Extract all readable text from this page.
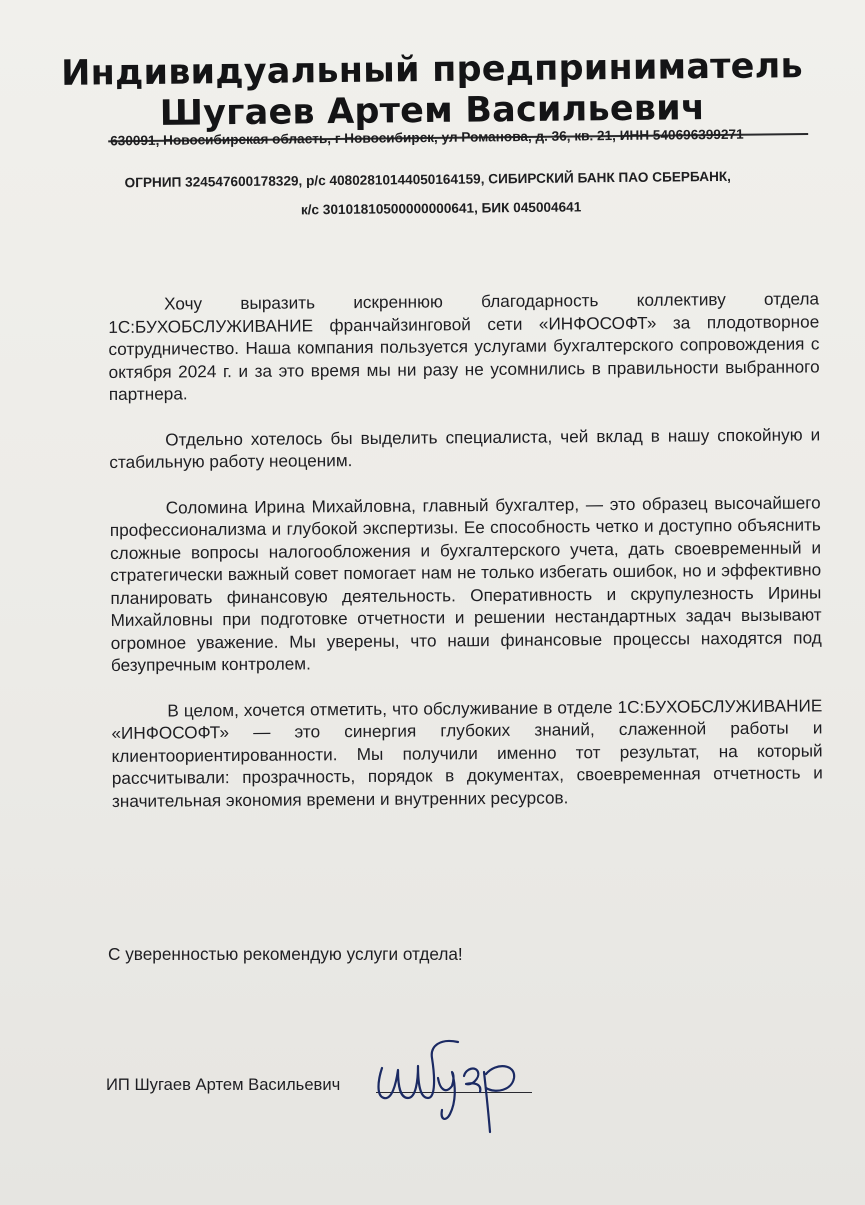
Индивидуальный предприниматель
Шугаев Артем Васильевич
630091, Новосибирская область, г Новосибирск, ул Романова, д. 36, кв. 21, ИНН 540696399271
ОГРНИП 324547600178329, р/с 40802810144050164159, СИБИРСКИЙ БАНК ПАО СБЕРБАНК,
к/с 30101810500000000641, БИК 045004641

Хочу выразить искреннюю благодарность коллективу отдела 1С:БУХОБСЛУЖИВАНИЕ франчайзинговой сети «ИНФОСОФТ» за плодотворное сотрудничество. Наша компания пользуется услугами бухгалтерского сопровождения с октября 2024 г. и за это время мы ни разу не усомнились в правильности выбранного партнера.

Отдельно хотелось бы выделить специалиста, чей вклад в нашу спокойную и стабильную работу неоценим.

Соломина Ирина Михайловна, главный бухгалтер, — это образец высочайшего профессионализма и глубокой экспертизы. Ее способность четко и доступно объяснить сложные вопросы налогообложения и бухгалтерского учета, дать своевременный и стратегически важный совет помогает нам не только избегать ошибок, но и эффективно планировать финансовую деятельность. Оперативность и скрупулезность Ирины Михайловны при подготовке отчетности и решении нестандартных задач вызывают огромное уважение. Мы уверены, что наши финансовые процессы находятся под безупречным контролем.

В целом, хочется отметить, что обслуживание в отделе 1С:БУХОБСЛУЖИВАНИЕ «ИНФОСОФТ» — это синергия глубоких знаний, слаженной работы и клиентоориентированности. Мы получили именно тот результат, на который рассчитывали: прозрачность, порядок в документах, своевременная отчетность и значительная экономия времени и внутренних ресурсов.

С уверенностью рекомендую услуги отдела!
ИП Шугаев Артем Васильевич
